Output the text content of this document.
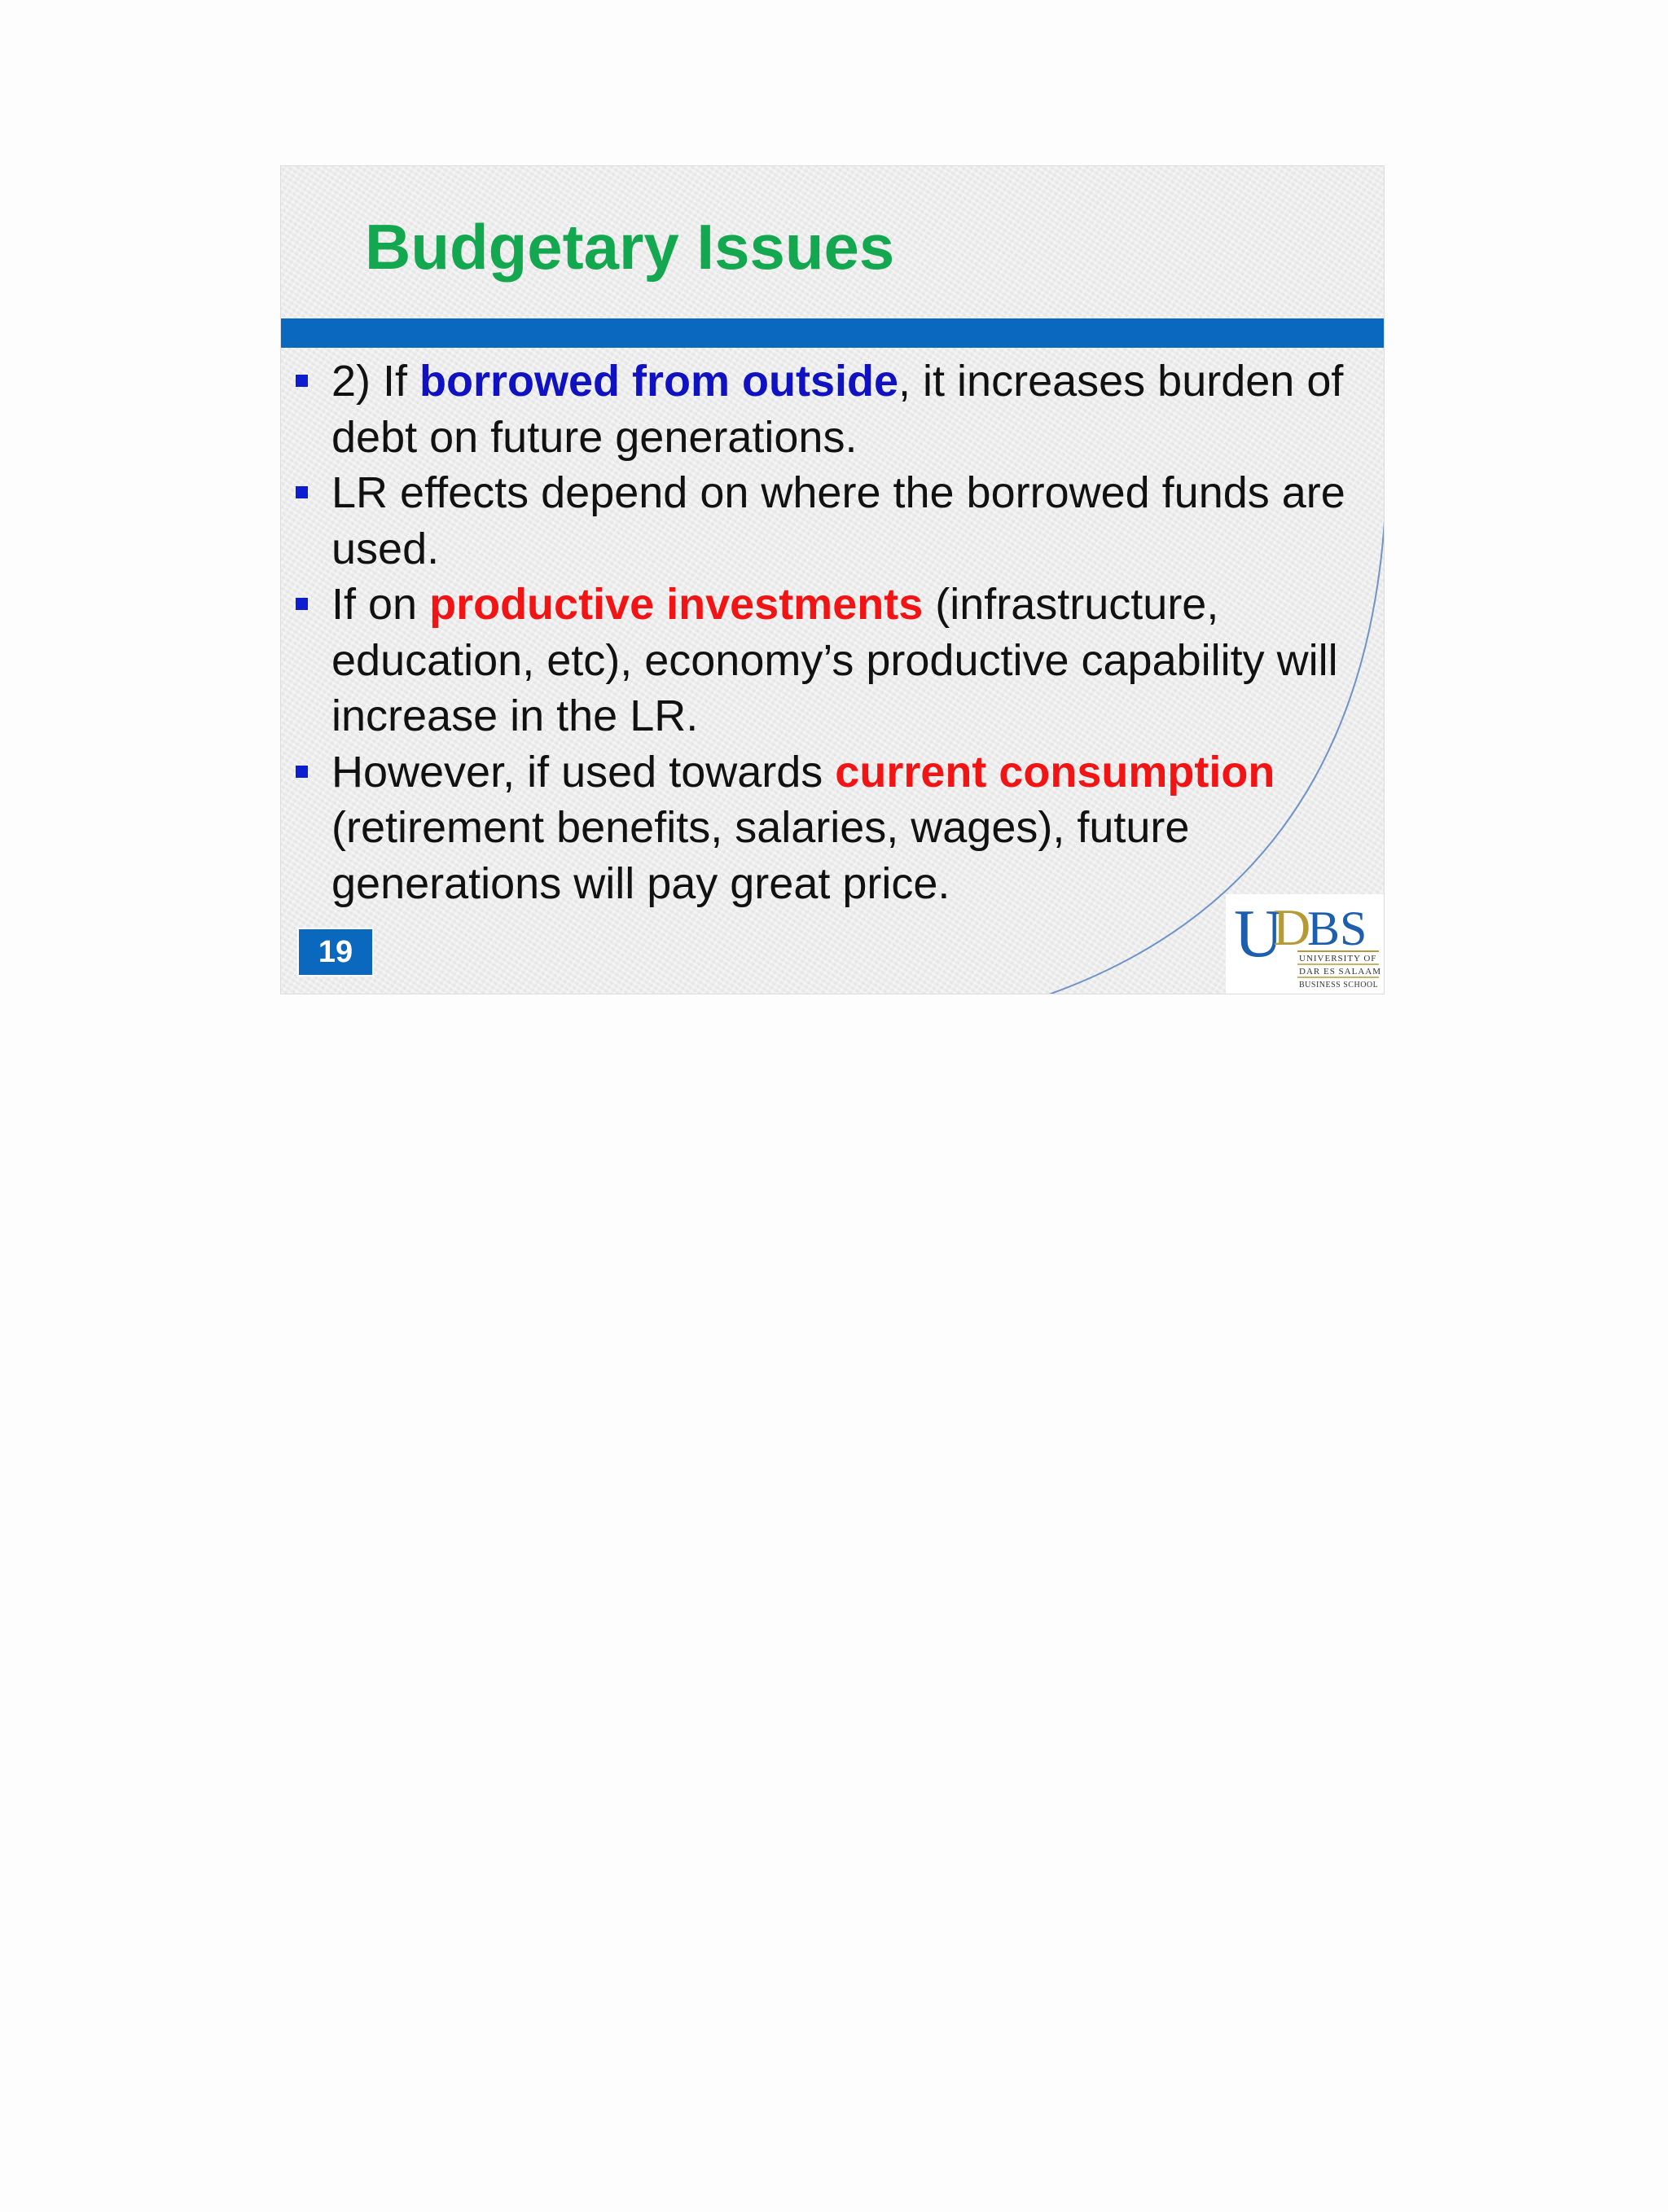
Budgetary Issues
2) If borrowed from outside, it increases burden of debt on future generations.
LR effects depend on where the borrowed funds are used.
If on productive investments (infrastructure, education, etc), economy’s productive capability will increase in the LR.
However, if used towards current consumption (retirement benefits, salaries, wages), future generations will pay great price.
19	U
D
BS
UNIVERSITY OF
DAR ES SALAAM
BUSINESS SCHOOL
